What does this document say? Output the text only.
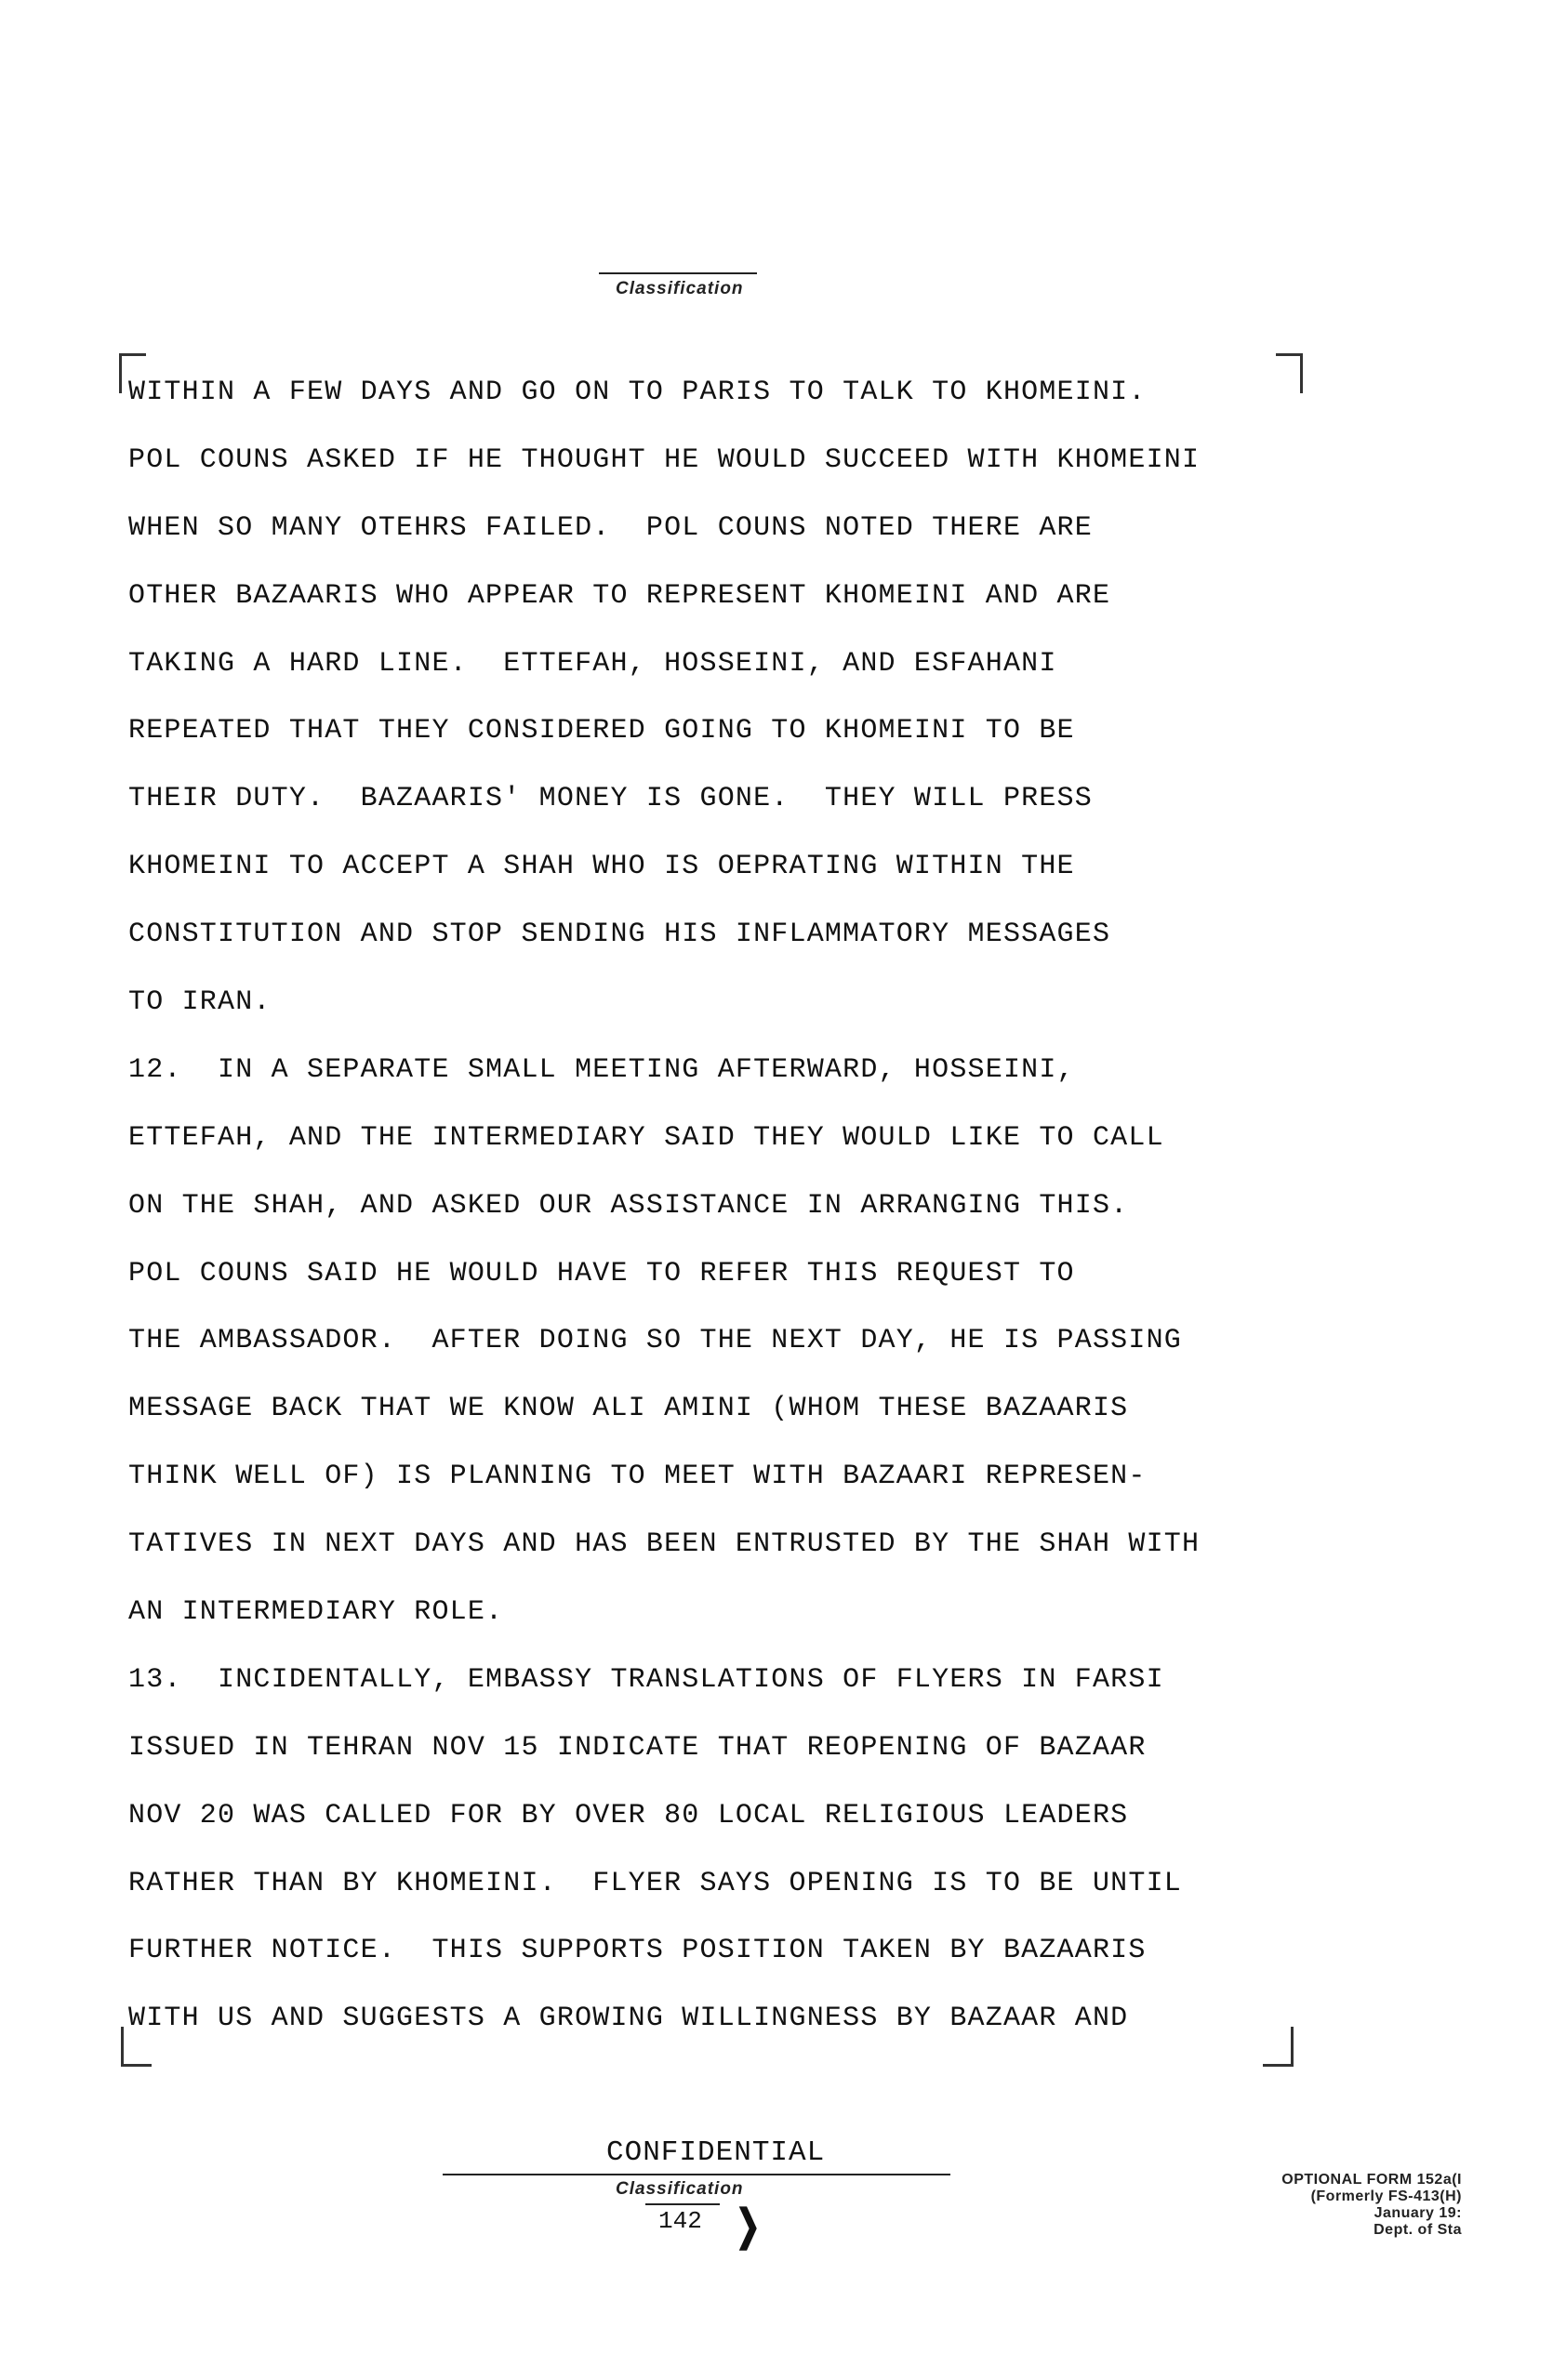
Classification
WITHIN A FEW DAYS AND GO ON TO PARIS TO TALK TO KHOMEINI.
POL COUNS ASKED IF HE THOUGHT HE WOULD SUCCEED WITH KHOMEINI
WHEN SO MANY OTEHRS FAILED.  POL COUNS NOTED THERE ARE
OTHER BAZAARIS WHO APPEAR TO REPRESENT KHOMEINI AND ARE
TAKING A HARD LINE.  ETTEFAH, HOSSEINI, AND ESFAHANI
REPEATED THAT THEY CONSIDERED GOING TO KHOMEINI TO BE
THEIR DUTY.  BAZAARIS' MONEY IS GONE.  THEY WILL PRESS
KHOMEINI TO ACCEPT A SHAH WHO IS OEPRATING WITHIN THE
CONSTITUTION AND STOP SENDING HIS INFLAMMATORY MESSAGES
TO IRAN.
12.  IN A SEPARATE SMALL MEETING AFTERWARD, HOSSEINI,
ETTEFAH, AND THE INTERMEDIARY SAID THEY WOULD LIKE TO CALL
ON THE SHAH, AND ASKED OUR ASSISTANCE IN ARRANGING THIS.
POL COUNS SAID HE WOULD HAVE TO REFER THIS REQUEST TO
THE AMBASSADOR.  AFTER DOING SO THE NEXT DAY, HE IS PASSING
MESSAGE BACK THAT WE KNOW ALI AMINI (WHOM THESE BAZAARIS
THINK WELL OF) IS PLANNING TO MEET WITH BAZAARI REPRESEN-
TATIVES IN NEXT DAYS AND HAS BEEN ENTRUSTED BY THE SHAH WITH
AN INTERMEDIARY ROLE.
13.  INCIDENTALLY, EMBASSY TRANSLATIONS OF FLYERS IN FARSI
ISSUED IN TEHRAN NOV 15 INDICATE THAT REOPENING OF BAZAAR
NOV 20 WAS CALLED FOR BY OVER 80 LOCAL RELIGIOUS LEADERS
RATHER THAN BY KHOMEINI.  FLYER SAYS OPENING IS TO BE UNTIL
FURTHER NOTICE.  THIS SUPPORTS POSITION TAKEN BY BAZAARIS
WITH US AND SUGGESTS A GROWING WILLINGNESS BY BAZAAR AND
CONFIDENTIAL
Classification
142 ❯
OPTIONAL FORM 152a(I
(Formerly FS-413(H)
January 19:
Dept. of Sta
